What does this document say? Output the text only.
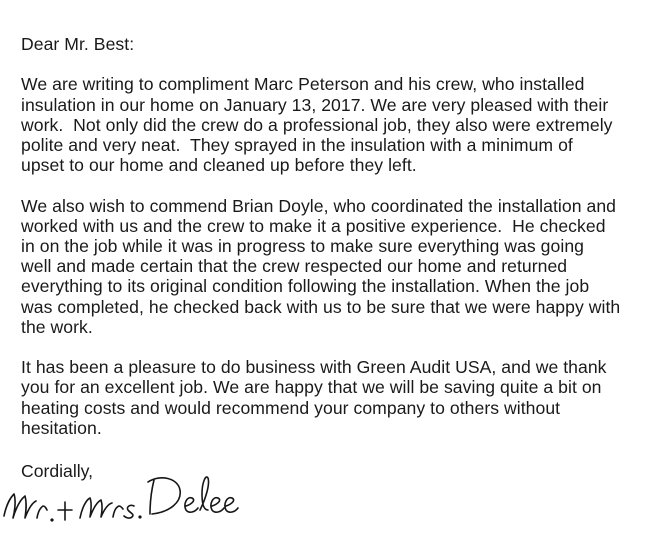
Dear Mr. Best:
We are writing to compliment Marc Peterson and his crew, who installed
insulation in our home on January 13, 2017. We are very pleased with their
work.  Not only did the crew do a professional job, they also were extremely
polite and very neat.  They sprayed in the insulation with a minimum of
upset to our home and cleaned up before they left.
We also wish to commend Brian Doyle, who coordinated the installation and
worked with us and the crew to make it a positive experience.  He checked
in on the job while it was in progress to make sure everything was going
well and made certain that the crew respected our home and returned
everything to its original condition following the installation. When the job
was completed, he checked back with us to be sure that we were happy with
the work.
It has been a pleasure to do business with Green Audit USA, and we thank
you for an excellent job. We are happy that we will be saving quite a bit on
heating costs and would recommend your company to others without
hesitation.
Cordially,
